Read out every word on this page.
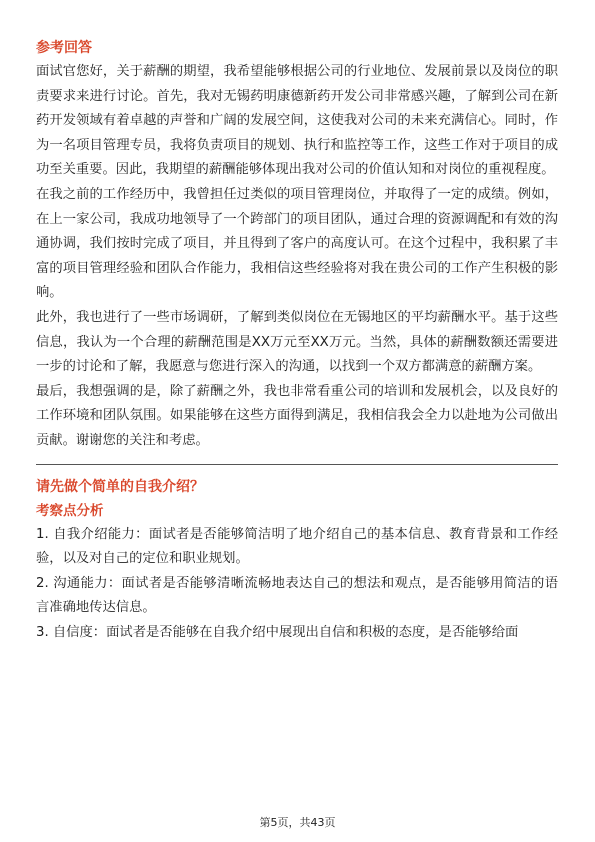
参考回答

面试官您好，关于薪酬的期望，我希望能够根据公司的行业地位、发展前景以及岗位的职责要求来进行讨论。首先，我对无锡药明康德新药开发公司非常感兴趣，了解到公司在新药开发领域有着卓越的声誉和广阔的发展空间，这使我对公司的未来充满信心。同时，作为一名项目管理专员，我将负责项目的规划、执行和监控等工作，这些工作对于项目的成功至关重要。因此，我期望的薪酬能够体现出我对公司的价值认知和对岗位的重视程度。

在我之前的工作经历中，我曾担任过类似的项目管理岗位，并取得了一定的成绩。例如，在上一家公司，我成功地领导了一个跨部门的项目团队，通过合理的资源调配和有效的沟通协调，我们按时完成了项目，并且得到了客户的高度认可。在这个过程中，我积累了丰富的项目管理经验和团队合作能力，我相信这些经验将对我在贵公司的工作产生积极的影响。

此外，我也进行了一些市场调研，了解到类似岗位在无锡地区的平均薪酬水平。基于这些信息，我认为一个合理的薪酬范围是XX万元至XX万元。当然，具体的薪酬数额还需要进一步的讨论和了解，我愿意与您进行深入的沟通，以找到一个双方都满意的薪酬方案。

最后，我想强调的是，除了薪酬之外，我也非常看重公司的培训和发展机会，以及良好的工作环境和团队氛围。如果能够在这些方面得到满足，我相信我会全力以赴地为公司做出贡献。谢谢您的关注和考虑。

请先做个简单的自我介绍？
考察点分析

1. 自我介绍能力：面试者是否能够简洁明了地介绍自己的基本信息、教育背景和工作经验，以及对自己的定位和职业规划。

2. 沟通能力：面试者是否能够清晰流畅地表达自己的想法和观点，是否能够用简洁的语言准确地传达信息。

3. 自信度：面试者是否能够在自我介绍中展现出自信和积极的态度，是否能够给面

第5页，共43页
